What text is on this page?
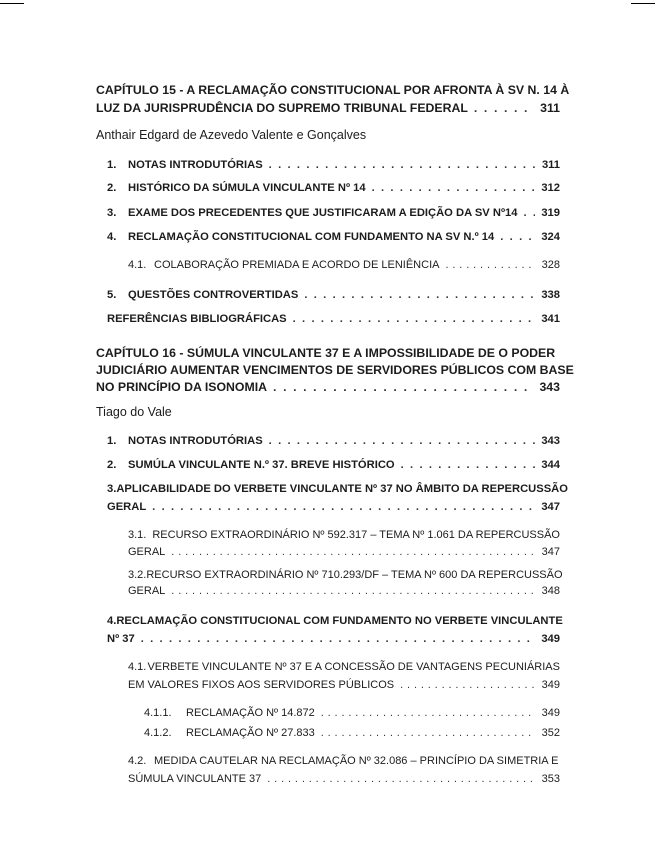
CAPÍTULO 15 - A RECLAMAÇÃO CONSTITUCIONAL POR AFRONTA À SV N. 14 À
LUZ DA JURISPRUDÊNCIA DO SUPREMO TRIBUNAL FEDERAL . . .	311
Anthair Edgard de Azevedo Valente e Gonçalves
1.	NOTAS INTRODUTÓRIAS . . .	311
2.	HISTÓRICO DA SÚMULA VINCULANTE Nº 14 . . .	312
3.	EXAME DOS PRECEDENTES QUE JUSTIFICARAM A EDIÇÃO DA SV Nº14 . . . 319
4.	RECLAMAÇÃO CONSTITUCIONAL COM FUNDAMENTO NA SV N.º 14 . . .	324
4.1. COLABORAÇÃO PREMIADA E ACORDO DE LENIÊNCIA . . .	328
5.	QUESTÕES CONTROVERTIDAS . . .	338
REFERÊNCIAS BIBLIOGRÁFICAS . . .	341
CAPÍTULO 16 - SÚMULA VINCULANTE 37 E A IMPOSSIBILIDADE DE O PODER
JUDICIÁRIO AUMENTAR VENCIMENTOS DE SERVIDORES PÚBLICOS COM BASE
NO PRINCÍPIO DA ISONOMIA . . .	343
Tiago do Vale
1.	NOTAS INTRODUTÓRIAS . . .	343
2.	SUMÚLA VINCULANTE N.º 37. BREVE HISTÓRICO . . .	344
3. APLICABILIDADE DO VERBETE VINCULANTE Nº 37 NO ÂMBITO DA REPERCUSSÃO
GERAL . . .	347
3.1. RECURSO EXTRAORDINÁRIO Nº 592.317 – TEMA Nº 1.061 DA REPERCUSSÃO
GERAL . . .	347
3.2. RECURSO EXTRAORDINÁRIO Nº 710.293/DF – TEMA Nº 600 DA REPERCUSSÃO
GERAL . . .	348
4. RECLAMAÇÃO CONSTITUCIONAL COM FUNDAMENTO NO VERBETE VINCULANTE
Nº 37 . . .	349
4.1. VERBETE VINCULANTE Nº 37 E A CONCESSÃO DE VANTAGENS PECUNIÁRIAS
EM VALORES FIXOS AOS SERVIDORES PÚBLICOS . . .	349
4.1.1.	RECLAMAÇÃO Nº 14.872 . . .	349
4.1.2.	RECLAMAÇÃO Nº 27.833 . . .	352
4.2. MEDIDA CAUTELAR NA RECLAMAÇÃO Nº 32.086 – PRINCÍPIO DA SIMETRIA E
SÚMULA VINCULANTE 37 . . .	353
